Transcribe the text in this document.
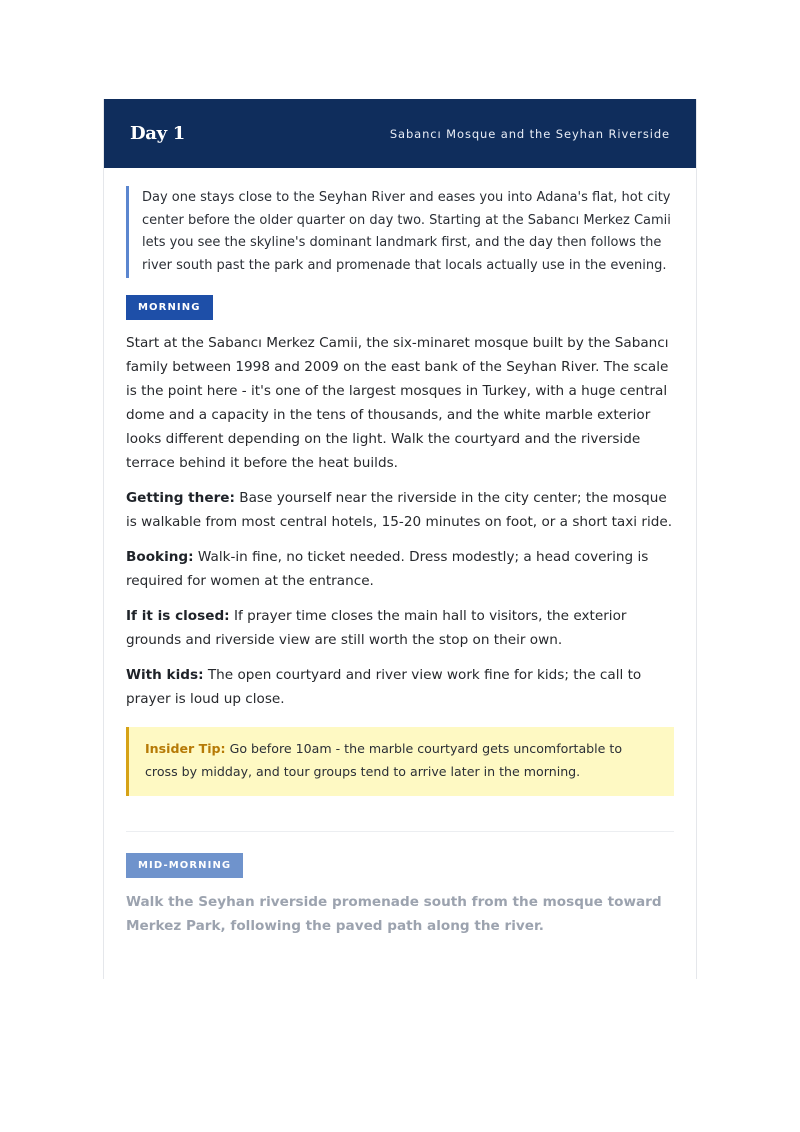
Day 1	Sabancı Mosque and the Seyhan Riverside
Day one stays close to the Seyhan River and eases you into Adana's flat, hot city center before the older quarter on day two. Starting at the Sabancı Merkez Camii lets you see the skyline's dominant landmark first, and the day then follows the river south past the park and promenade that locals actually use in the evening.
MORNING

Start at the Sabancı Merkez Camii, the six-minaret mosque built by the Sabancı family between 1998 and 2009 on the east bank of the Seyhan River. The scale is the point here - it's one of the largest mosques in Turkey, with a huge central dome and a capacity in the tens of thousands, and the white marble exterior looks different depending on the light. Walk the courtyard and the riverside terrace behind it before the heat builds.

Getting there: Base yourself near the riverside in the city center; the mosque is walkable from most central hotels, 15-20 minutes on foot, or a short taxi ride.

Booking: Walk-in fine, no ticket needed. Dress modestly; a head covering is required for women at the entrance.

If it is closed: If prayer time closes the main hall to visitors, the exterior grounds and riverside view are still worth the stop on their own.

With kids: The open courtyard and river view work fine for kids; the call to prayer is loud up close.

Insider Tip: Go before 10am - the marble courtyard gets uncomfortable to cross by midday, and tour groups tend to arrive later in the morning.
MID-MORNING

Walk the Seyhan riverside promenade south from the mosque toward Merkez Park, following the paved path along the river.
